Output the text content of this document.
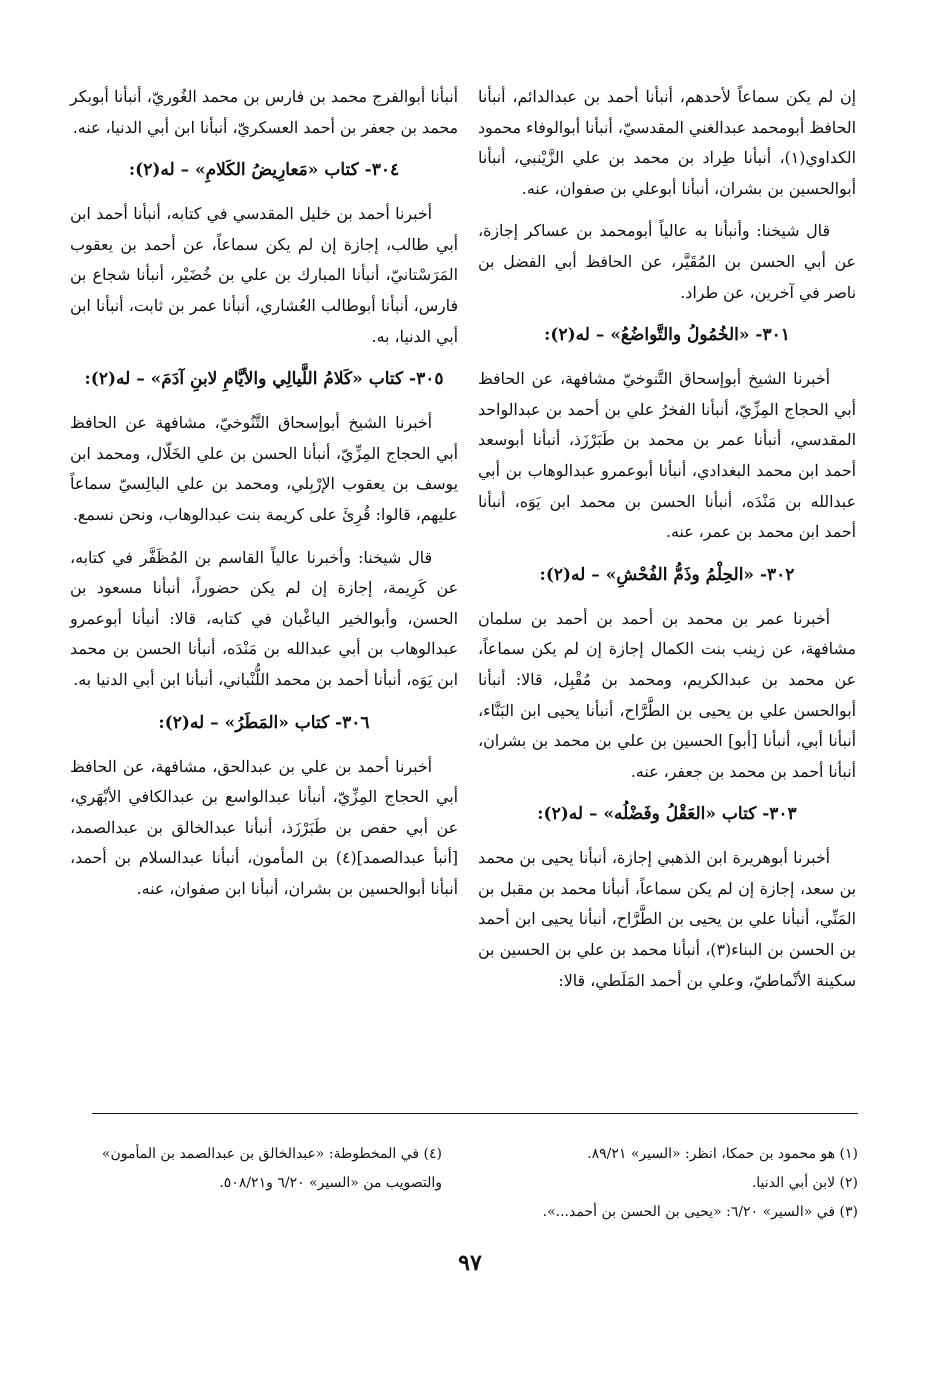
إن لم يكن سماعاً لأحدهم، أنبأنا أحمد بن عبدالدائم، أنبأنا الحافظ أبومحمد عبدالغني المقدسيّ، أنبأنا أبوالوفاء محمود الكداوي(١)، أنبأنا طِراد بن محمد بن علي الزَّيْنبي، أنبأنا أبوالحسين بن بشران، أنبأنا أبوعلي بن صفوان، عنه.

قال شيخنا: وأنبأنا به عالياً أبومحمد بن عساكر إجازة، عن أبي الحسن بن المُقَيَّر، عن الحافظ أبي الفضل بن ناصر في آخرين، عن طراد.

٣٠١- «الخُمُولُ والتَّواضُعُ» – له(٢):

أخبرنا الشيخ أبوإسحاق التَّنوخيّ مشافهة، عن الحافظ أبي الحجاج المِزِّيّ، أنبأنا الفخرُ علي بن أحمد بن عبدالواحد المقدسي، أنبأنا عمر بن محمد بن طَبَرْزَذ، أنبأنا أبوسعد أحمد ابن محمد البغدادي، أنبأنا أبوعمرو عبدالوهاب بن أبي عبدالله بن مَنْدَه، أنبأنا الحسن بن محمد ابن يَوَه، أنبأنا أحمد ابن محمد بن عمر، عنه.

٣٠٢- «الحِلْمُ وذَمُّ الفُحْشِ» – له(٢):

أخبرنا عمر بن محمد بن أحمد بن أحمد بن سلمان مشافهة، عن زينب بنت الكمال إجازة إن لم يكن سماعاً، عن محمد بن عبدالكريم، ومحمد بن مُقْبِل، قالا: أنبأنا أبوالحسن علي بن يحيى بن الطَّرَّاح، أنبأنا يحيى ابن البَنَّاء، أنبأنا أبي، أنبأنا [أبو] الحسين بن علي بن محمد بن بشران، أنبأنا أحمد بن محمد بن جعفر، عنه.

٣٠٣- كتاب «العَقْلُ وفَضْلُه» – له(٢):

أخبرنا أبوهريرة ابن الذهبي إجازة، أنبأنا يحيى بن محمد بن سعد، إجازة إن لم يكن سماعاً، أنبأنا محمد بن مقبل بن المَنِّي، أنبأنا علي بن يحيى بن الطَّرَّاح، أنبأنا يحيى ابن أحمد بن الحسن بن البناء(٣)، أنبأنا محمد بن علي بن الحسين بن سكينة الأنْماطيّ، وعلي بن أحمد المَلَطي، قالا:

أنبأنا أبوالفرج محمد بن فارس بن محمد الغُوريّ، أنبأنا أبوبكر محمد بن جعفر بن أحمد العسكريّ، أنبأنا ابن أبي الدنيا، عنه.

٣٠٤- كتاب «مَعارِيضُ الكَلامِ» – له(٢):

أخبرنا أحمد بن خليل المقدسي في كتابه، أنبأنا أحمد ابن أبي طالب، إجازة إن لم يكن سماعاً، عن أحمد بن يعقوب المَرَسْتانيّ، أنبأنا المبارك بن علي بن خُضَيْر، أنبأنا شجاع بن فارس، أنبأنا أبوطالب العُشاري، أنبأنا عمر بن ثابت، أنبأنا ابن أبي الدنيا، به.

٣٠٥- كتاب «كَلامُ اللَّيالِي والأيَّامِ لابنِ آدَمَ» – له(٢):

أخبرنا الشيخ أبوإسحاق التَّنُوخيّ، مشافهة عن الحافظ أبي الحجاج المِزِّيّ، أنبأنا الحسن بن علي الخَلّال، ومحمد ابن يوسف بن يعقوب الإرْبِلي، ومحمد بن علي البالِسيّ سماعاً عليهم، قالوا: قُرِئَ على كريمة بنت عبدالوهاب، ونحن نسمع.

قال شيخنا: وأخبرنا عالياً القاسم بن المُظَفَّر في كتابه، عن كَرِيمة، إجازة إن لم يكن حضوراً، أنبأنا مسعود بن الحسن، وأبوالخير الباغْبان في كتابه، قالا: أنبأنا أبوعمرو عبدالوهاب بن أبي عبدالله بن مَنْدَه، أنبأنا الحسن بن محمد ابن يَوَه، أنبأنا أحمد بن محمد اللُّنْباني، أنبأنا ابن أبي الدنيا به.

٣٠٦- كتاب «المَطَرُ» – له(٢):

أخبرنا أحمد بن علي بن عبدالحق، مشافهة، عن الحافظ أبي الحجاج المِزِّيّ، أنبأنا عبدالواسع بن عبدالكافي الأبْهَري، عن أبي حفص بن طَبَرْزَذ، أنبأنا عبدالخالق بن عبدالصمد، [أنبأ عبدالصمد](٤) بن المأمون، أنبأنا عبدالسلام بن أحمد، أنبأنا أبوالحسين بن بشران، أنبأنا ابن صفوان، عنه.

(١) هو محمود بن حمكا، انظر: «السير» ٨٩/٢١.

(٢) لابن أبي الدنيا.

(٣) في «السير» ٦/٢٠: «يحيى بن الحسن بن أحمد...».

(٤) في المخطوطة: «عبدالخالق بن عبدالصمد بن المأمون» والتصويب من «السير» ٦/٢٠ و٥٠٨/٢١.

٩٧
